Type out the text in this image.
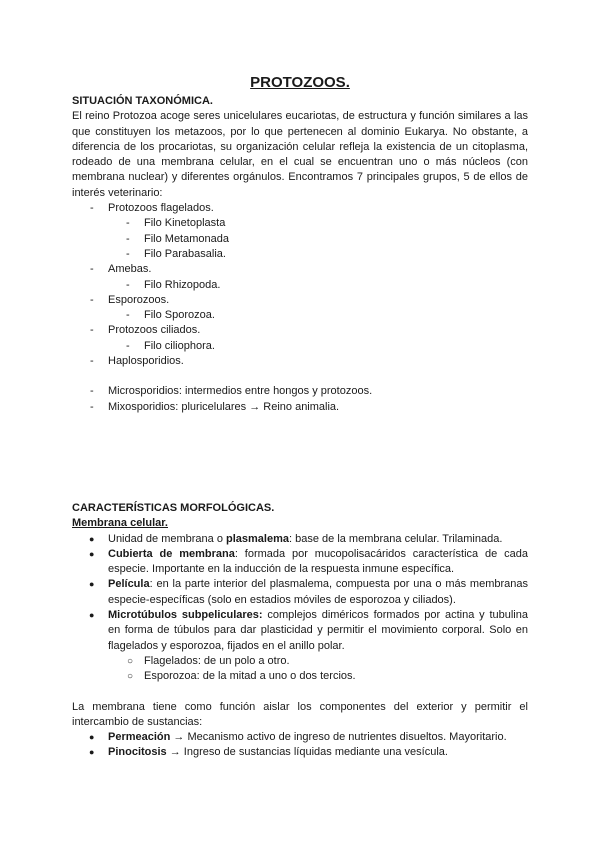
PROTOZOOS.
SITUACIÓN TAXONÓMICA.

El reino Protozoa acoge seres unicelulares eucariotas, de estructura y función similares a las que constituyen los metazoos, por lo que pertenecen al dominio Eukarya. No obstante, a diferencia de los procariotas, su organización celular refleja la existencia de un citoplasma, rodeado de una membrana celular, en el cual se encuentran uno o más núcleos (con membrana nuclear) y diferentes orgánulos. Encontramos 7 principales grupos, 5 de ellos de interés veterinario:

- Protozoos flagelados.
- Filo Kinetoplasta
- Filo Metamonada
- Filo Parabasalia.
- Amebas.
- Filo Rhizopoda.
- Esporozoos.
- Filo Sporozoa.
- Protozoos ciliados.
- Filo ciliophora.
- Haplosporidios.
- Microsporidios: intermedios entre hongos y protozoos.
- Mixosporidios: pluricelulares → Reino animalia.
CARACTERÍSTICAS MORFOLÓGICAS.
Membrana celular.
● Unidad de membrana o plasmalema: base de la membrana celular. Trilaminada.
● Cubierta de membrana: formada por mucopolisacáridos característica de cada especie. Importante en la inducción de la respuesta inmune específica.
● Película: en la parte interior del plasmalema, compuesta por una o más membranas especie-específicas (solo en estadios móviles de esporozoa y ciliados).
● Microtúbulos subpeliculares: complejos diméricos formados por actina y tubulina en forma de túbulos para dar plasticidad y permitir el movimiento corporal. Solo en flagelados y esporozoa, fijados en el anillo polar.
○ Flagelados: de un polo a otro.
○ Esporozoa: de la mitad a uno o dos tercios.

La membrana tiene como función aislar los componentes del exterior y permitir el intercambio de sustancias:

● Permeación → Mecanismo activo de ingreso de nutrientes disueltos. Mayoritario.
● Pinocitosis → Ingreso de sustancias líquidas mediante una vesícula.
